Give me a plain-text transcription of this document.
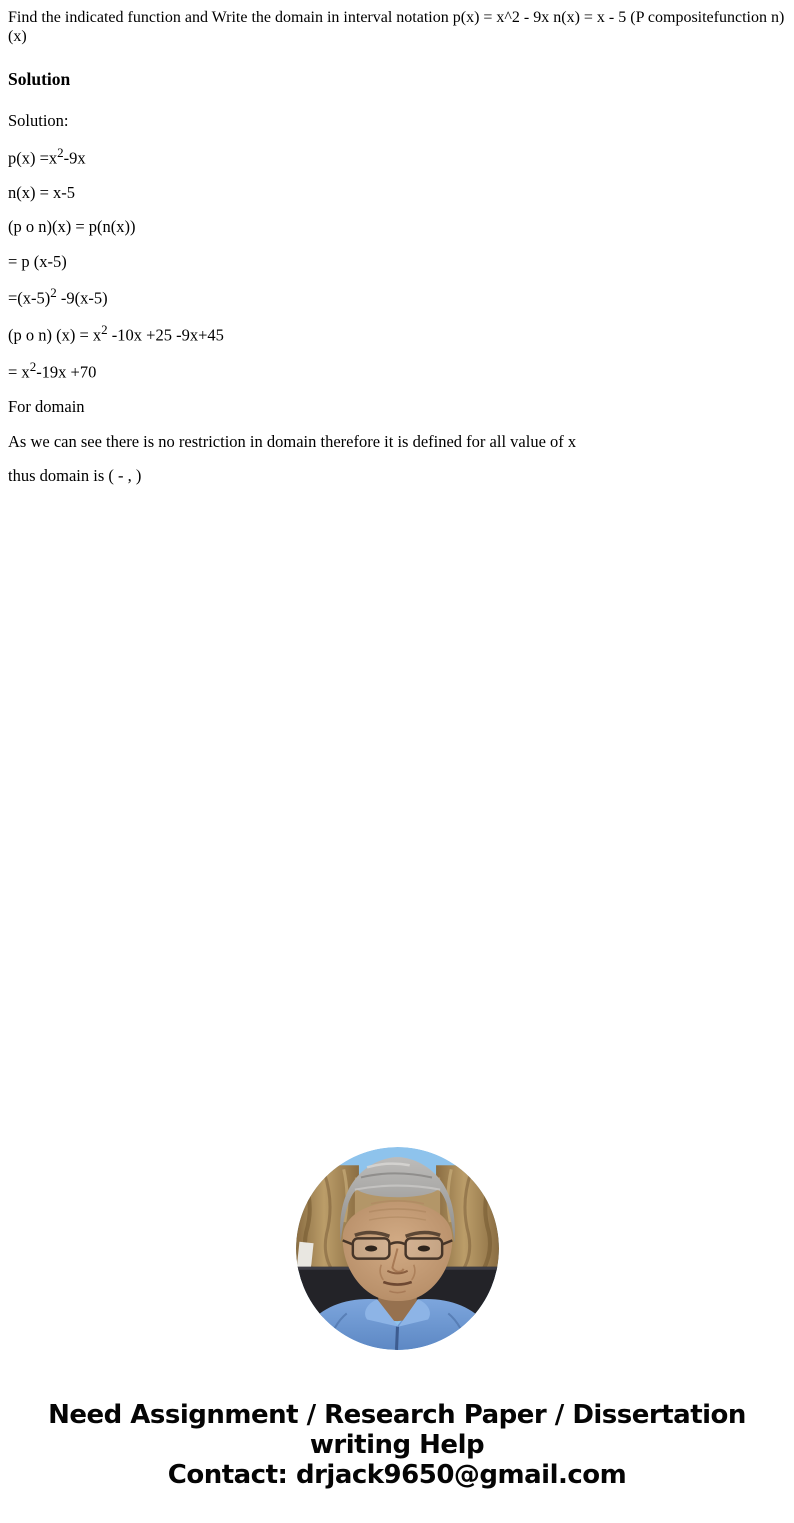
Find the indicated function and Write the domain in interval notation p(x) = x^2 - 9x n(x) = x - 5 (P compositefunction n) (x)

Solution

Solution:

$p(x) =x^2-9x$

n(x) = x-5

(p o n)(x) = p(n(x))

= p (x-5)

$=(x-5)^2$ -9(x-5)

(p o n) $(x) = x^2$ -10x +25 -9x+45

= $x^2-19x +70$

For domain

As we can see there is no restriction in domain therefore it is defined for all value of x

thus domain is ( - , )

Need Assignment / Research Paper / Dissertation
writing Help
Contact: drjack9650@gmail.com
